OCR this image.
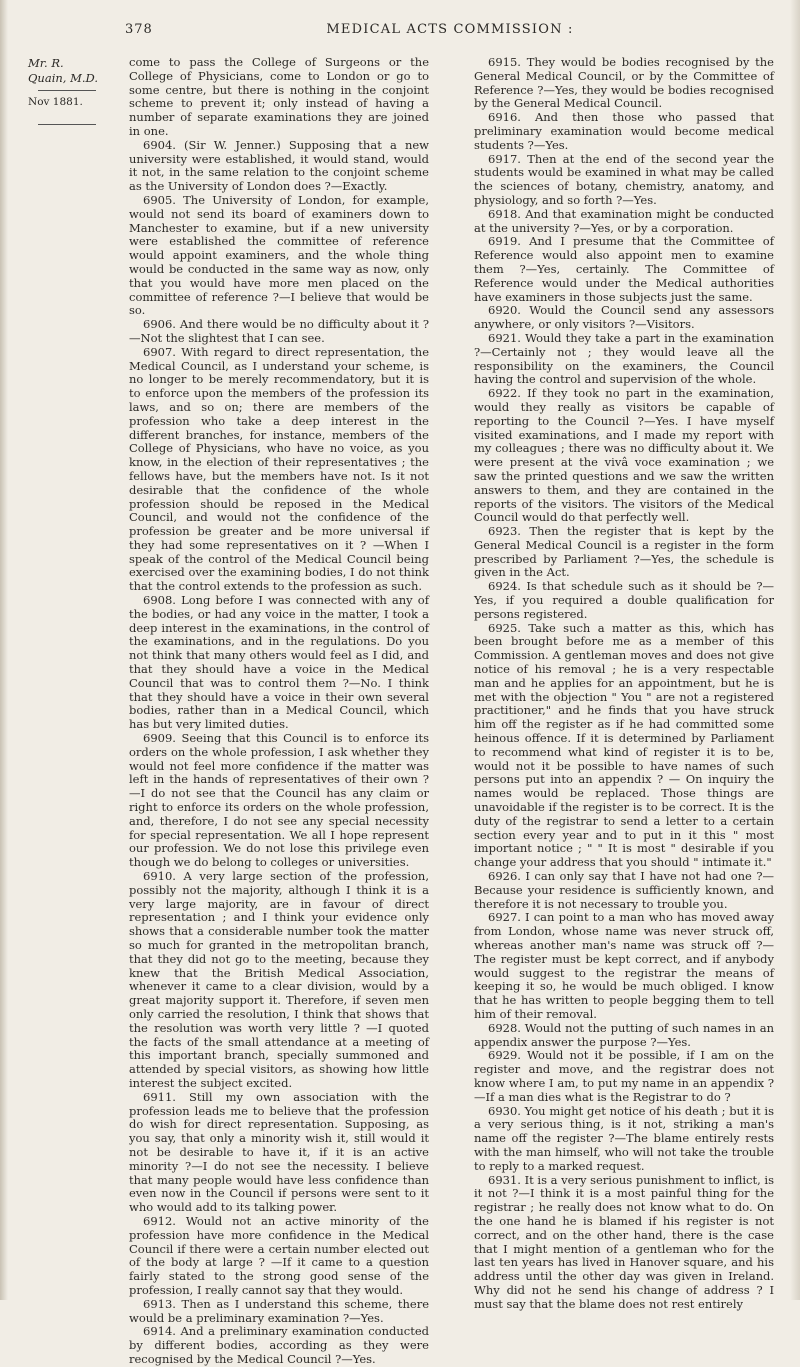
378	MEDICAL ACTS COMMISSION :
Mr. R.
Quain, M.D.
Nov 1881.

come to pass the College of Surgeons or the College of Physicians, come to London or go to some centre, but there is nothing in the conjoint scheme to prevent it; only instead of having a number of separate examinations they are joined in one.

6904. (Sir W. Jenner.) Supposing that a new university were established, it would stand, would it not, in the same relation to the conjoint scheme as the University of London does ?—Exactly.

6905. The University of London, for example, would not send its board of examiners down to Manchester to examine, but if a new university were established the committee of reference would appoint examiners, and the whole thing would be conducted in the same way as now, only that you would have more men placed on the committee of reference ?—I believe that would be so.

6906. And there would be no difficulty about it ?—Not the slightest that I can see.

6907. With regard to direct representation, the Medical Council, as I understand your scheme, is no longer to be merely recommendatory, but it is to enforce upon the members of the profession its laws, and so on; there are members of the profession who take a deep interest in the different branches, for instance, members of the College of Physicians, who have no voice, as you know, in the election of their representatives ; the fellows have, but the members have not. Is it not desirable that the confidence of the whole profession should be reposed in the Medical Council, and would not the confidence of the profession be greater and be more universal if they had some representatives on it ? —When I speak of the control of the Medical Council being exercised over the examining bodies, I do not think that the control extends to the profession as such.

6908. Long before I was connected with any of the bodies, or had any voice in the matter, I took a deep interest in the examinations, in the control of the examinations, and in the regulations. Do you not think that many others would feel as I did, and that they should have a voice in the Medical Council that was to control them ?—No. I think that they should have a voice in their own several bodies, rather than in a Medical Council, which has but very limited duties.

6909. Seeing that this Council is to enforce its orders on the whole profession, I ask whether they would not feel more confidence if the matter was left in the hands of representatives of their own ? —I do not see that the Council has any claim or right to enforce its orders on the whole profession, and, therefore, I do not see any special necessity for special representation. We all I hope represent our profession. We do not lose this privilege even though we do belong to colleges or universities.

6910. A very large section of the profession, possibly not the majority, although I think it is a very large majority, are in favour of direct representation ; and I think your evidence only shows that a considerable number took the matter so much for granted in the metropolitan branch, that they did not go to the meeting, because they knew that the British Medical Association, whenever it came to a clear division, would by a great majority support it. Therefore, if seven men only carried the resolution, I think that shows that the resolution was worth very little ? —I quoted the facts of the small attendance at a meeting of this important branch, specially summoned and attended by special visitors, as showing how little interest the subject excited.

6911. Still my own association with the profession leads me to believe that the profession do wish for direct representation. Supposing, as you say, that only a minority wish it, still would it not be desirable to have it, if it is an active minority ?—I do not see the necessity. I believe that many people would have less confidence than even now in the Council if persons were sent to it who would add to its talking power.

6912. Would not an active minority of the profession have more confidence in the Medical Council if there were a certain number elected out of the body at large ? —If it came to a question fairly stated to the strong good sense of the profession, I really cannot say that they would.

6913. Then as I understand this scheme, there would be a preliminary examination ?—Yes.

6914. And a preliminary examination conducted by different bodies, according as they were recognised by the Medical Council ?—Yes.

6915. They would be bodies recognised by the General Medical Council, or by the Committee of Reference ?—Yes, they would be bodies recognised by the General Medical Council.

6916. And then those who passed that preliminary examination would become medical students ?—Yes.

6917. Then at the end of the second year the students would be examined in what may be called the sciences of botany, chemistry, anatomy, and physiology, and so forth ?—Yes.

6918. And that examination might be conducted at the university ?—Yes, or by a corporation.

6919. And I presume that the Committee of Reference would also appoint men to examine them ?—Yes, certainly. The Committee of Reference would under the Medical authorities have examiners in those subjects just the same.

6920. Would the Council send any assessors anywhere, or only visitors ?—Visitors.

6921. Would they take a part in the examination ?—Certainly not ; they would leave all the responsibility on the examiners, the Council having the control and supervision of the whole.

6922. If they took no part in the examination, would they really as visitors be capable of reporting to the Council ?—Yes. I have myself visited examinations, and I made my report with my colleagues ; there was no difficulty about it. We were present at the vivâ voce examination ; we saw the printed questions and we saw the written answers to them, and they are contained in the reports of the visitors. The visitors of the Medical Council would do that perfectly well.

6923. Then the register that is kept by the General Medical Council is a register in the form prescribed by Parliament ?—Yes, the schedule is given in the Act.

6924. Is that schedule such as it should be ?—Yes, if you required a double qualification for persons registered.

6925. Take such a matter as this, which has been brought before me as a member of this Commission. A gentleman moves and does not give notice of his removal ; he is a very respectable man and he applies for an appointment, but he is met with the objection " You " are not a registered practitioner," and he finds that you have struck him off the register as if he had committed some heinous offence. If it is determined by Parliament to recommend what kind of register it is to be, would not it be possible to have names of such persons put into an appendix ? — On inquiry the names would be replaced. Those things are unavoidable if the register is to be correct. It is the duty of the registrar to send a letter to a certain section every year and to put in it this " most important notice ; " " It is most " desirable if you change your address that you should " intimate it."

6926. I can only say that I have not had one ?—Because your residence is sufficiently known, and therefore it is not necessary to trouble you.

6927. I can point to a man who has moved away from London, whose name was never struck off, whereas another man's name was struck off ?—The register must be kept correct, and if anybody would suggest to the registrar the means of keeping it so, he would be much obliged. I know that he has written to people begging them to tell him of their removal.

6928. Would not the putting of such names in an appendix answer the purpose ?—Yes.

6929. Would not it be possible, if I am on the register and move, and the registrar does not know where I am, to put my name in an appendix ?—If a man dies what is the Registrar to do ?

6930. You might get notice of his death ; but it is a very serious thing, is it not, striking a man's name off the register ?—The blame entirely rests with the man himself, who will not take the trouble to reply to a marked request.

6931. It is a very serious punishment to inflict, is it not ?—I think it is a most painful thing for the registrar ; he really does not know what to do. On the one hand he is blamed if his register is not correct, and on the other hand, there is the case that I might mention of a gentleman who for the last ten years has lived in Hanover square, and his address until the other day was given in Ireland. Why did not he send his change of address ? I must say that the blame does not rest entirely
